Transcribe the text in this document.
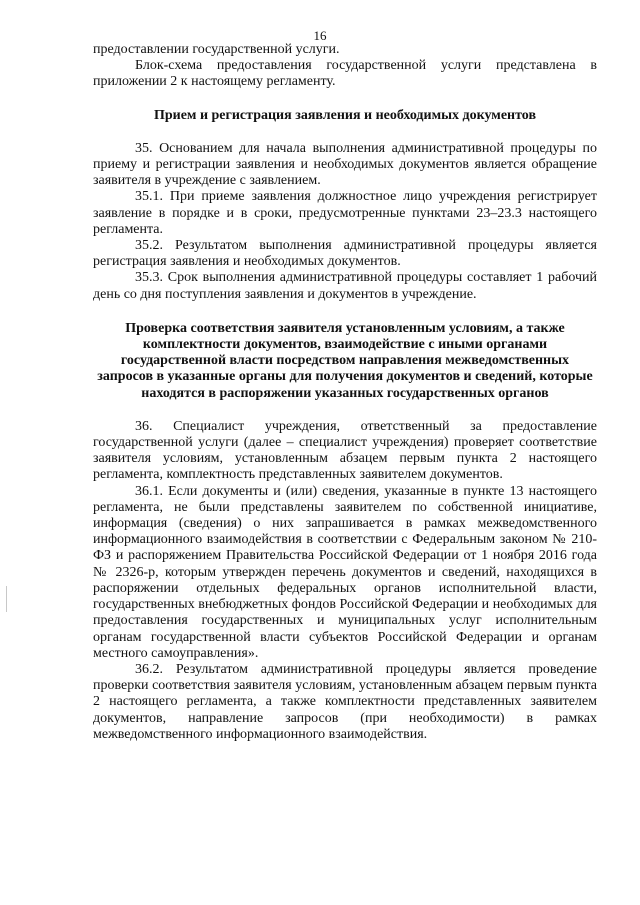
16

предоставлении государственной услуги.

Блок-схема предоставления государственной услуги представлена в приложении 2 к настоящему регламенту.

Прием и регистрация заявления и необходимых документов

35. Основанием для начала выполнения административной процедуры по приему и регистрации заявления и необходимых документов является обращение заявителя в учреждение с заявлением.

35.1. При приеме заявления должностное лицо учреждения регистрирует заявление в порядке и в сроки, предусмотренные пунктами 23–23.3 настоящего регламента.

35.2. Результатом выполнения административной процедуры является регистрация заявления и необходимых документов.

35.3. Срок выполнения административной процедуры составляет 1 рабочий день со дня поступления заявления и документов в учреждение.

Проверка соответствия заявителя установленным условиям, а также комплектности документов, взаимодействие с иными органами государственной власти посредством направления межведомственных запросов в указанные органы для получения документов и сведений, которые находятся в распоряжении указанных государственных органов

36. Специалист учреждения, ответственный за предоставление государственной услуги (далее – специалист учреждения) проверяет соответствие заявителя условиям, установленным абзацем первым пункта 2 настоящего регламента, комплектность представленных заявителем документов.

36.1. Если документы и (или) сведения, указанные в пункте 13 настоящего регламента, не были представлены заявителем по собственной инициативе, информация (сведения) о них запрашивается в рамках межведомственного информационного взаимодействия в соответствии с Федеральным законом № 210-ФЗ и распоряжением Правительства Российской Федерации от 1 ноября 2016 года № 2326-р, которым утвержден перечень документов и сведений, находящихся в распоряжении отдельных федеральных органов исполнительной власти, государственных внебюджетных фондов Российской Федерации и необходимых для предоставления государственных и муниципальных услуг исполнительным органам государственной власти субъектов Российской Федерации и органам местного самоуправления».

36.2. Результатом административной процедуры является проведение проверки соответствия заявителя условиям, установленным абзацем первым пункта 2 настоящего регламента, а также комплектности представленных заявителем документов, направление запросов (при необходимости) в рамках межведомственного информационного взаимодействия.
